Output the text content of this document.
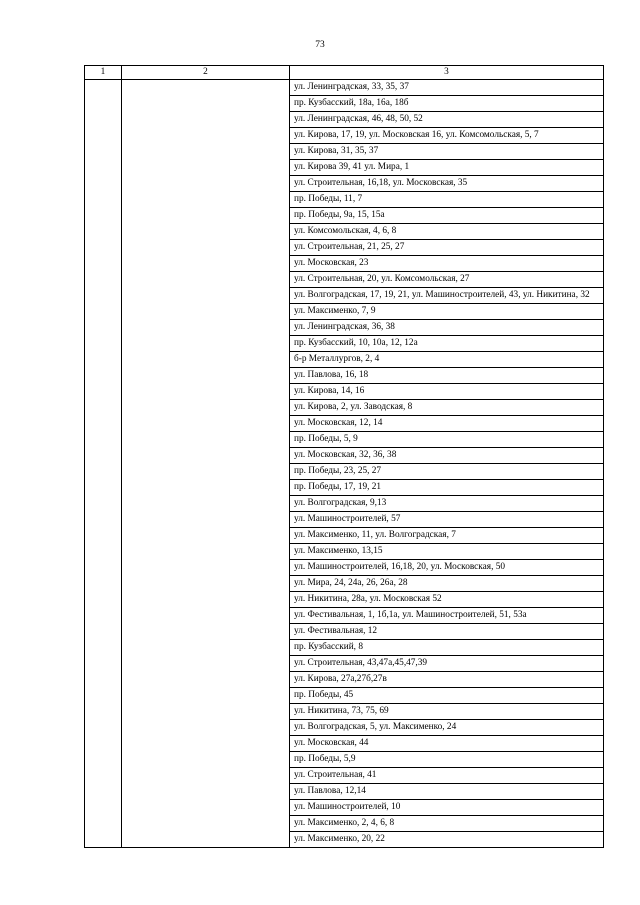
73
1	2	3
		ул. Ленинградская, 33, 35, 37
		пр. Кузбасский, 18а, 16а, 18б
		ул. Ленинградская, 46, 48, 50, 52
		ул. Кирова, 17, 19, ул. Московская 16, ул. Комсомольская, 5, 7
		ул. Кирова, 31, 35, 37
		ул. Кирова 39, 41 ул. Мира, 1
		ул. Строительная, 16,18, ул. Московская, 35
		пр. Победы, 11, 7
		пр. Победы, 9а, 15, 15а
		ул. Комсомольская, 4, 6, 8
		ул. Строительная, 21, 25, 27
		ул. Московская, 23
		ул. Строительная, 20, ул. Комсомольская, 27
		ул. Волгоградская, 17, 19, 21, ул. Машиностроителей, 43, ул. Никитина, 32
		ул. Максименко, 7, 9
		ул. Ленинградская, 36, 38
		пр. Кузбасский, 10, 10а, 12, 12а
		б-р Металлургов, 2, 4
		ул. Павлова, 16, 18
		ул. Кирова, 14, 16
		ул. Кирова, 2, ул. Заводская, 8
		ул. Московская, 12, 14
		пр. Победы, 5, 9
		ул. Московская, 32, 36, 38
		пр. Победы, 23, 25, 27
		пр. Победы, 17, 19, 21
		ул. Волгоградская, 9,13
		ул. Машиностроителей, 57
		ул. Максименко, 11, ул. Волгоградская, 7
		ул. Максименко, 13,15
		ул. Машиностроителей, 16,18, 20, ул. Московская, 50
		ул. Мира, 24, 24а, 26, 26а, 28
		ул. Никитина, 28а, ул. Московская 52
		ул. Фестивальная, 1, 1б,1а, ул. Машиностроителей, 51, 53а
		ул. Фестивальная, 12
		пр. Кузбасский, 8
		ул. Строительная, 43,47а,45,47,39
		ул. Кирова, 27а,27б,27в
		пр. Победы, 45
		ул. Никитина, 73, 75, 69
		ул. Волгоградская, 5, ул. Максименко, 24
		ул. Московская, 44
		пр. Победы, 5,9
		ул. Строительная, 41
		ул. Павлова, 12,14
		ул. Машиностроителей, 10
		ул. Максименко, 2, 4, 6, 8
		ул. Максименко, 20, 22
